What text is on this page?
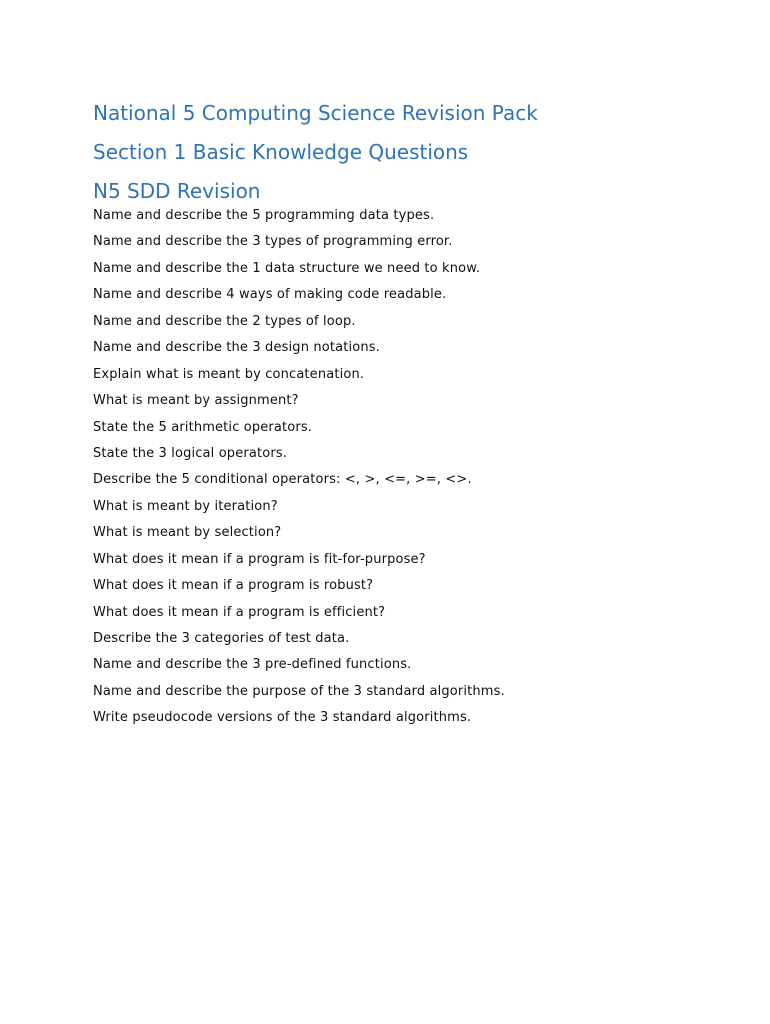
National 5 Computing Science Revision Pack
Section 1 Basic Knowledge Questions
N5 SDD Revision
Name and describe the 5 programming data types.
Name and describe the 3 types of programming error.
Name and describe the 1 data structure we need to know.
Name and describe 4 ways of making code readable.
Name and describe the 2 types of loop.
Name and describe the 3 design notations.
Explain what is meant by concatenation.
What is meant by assignment?
State the 5 arithmetic operators.
State the 3 logical operators.
Describe the 5 conditional operators: <, >, <=, >=, <>.
What is meant by iteration?
What is meant by selection?
What does it mean if a program is fit-for-purpose?
What does it mean if a program is robust?
What does it mean if a program is efficient?
Describe the 3 categories of test data.
Name and describe the 3 pre-defined functions.
Name and describe the purpose of the 3 standard algorithms.
Write pseudocode versions of the 3 standard algorithms.
